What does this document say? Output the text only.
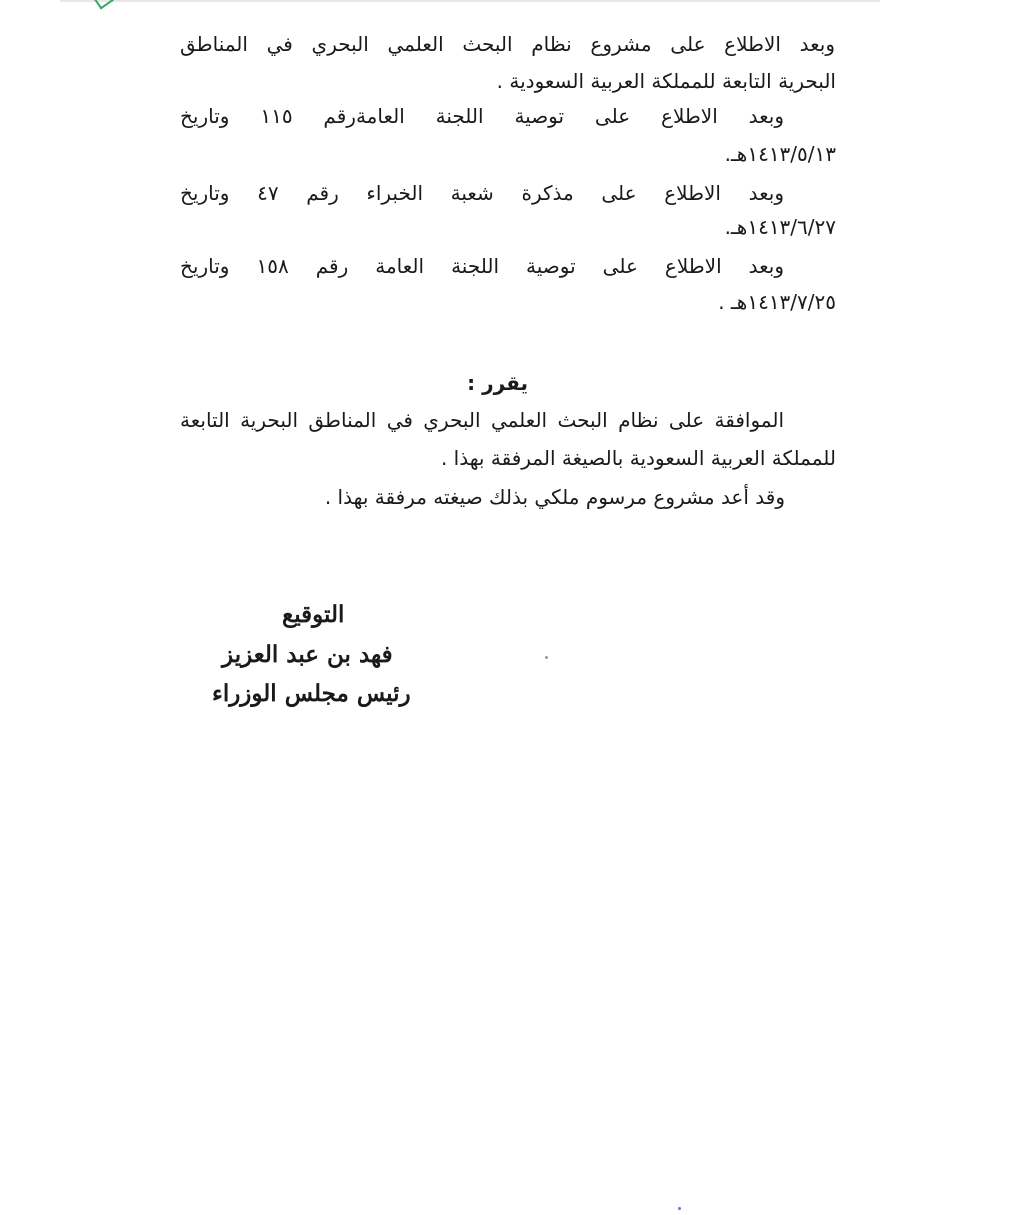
وبعد الاطلاع على مشروع نظام البحث العلمي البحري في المناطق
البحرية التابعة للمملكة العربية السعودية .
وبعد الاطلاع على توصية اللجنة العامةرقم ١١٥ وتاريخ
١٤١٣/٥/١٣هـ.
وبعد الاطلاع على مذكرة شعبة الخبراء رقم ٤٧ وتاريخ
١٤١٣/٦/٢٧هـ.
وبعد الاطلاع على توصية اللجنة العامة رقم ١٥٨ وتاريخ
١٤١٣/٧/٢٥هـ .
يقرر :
الموافقة على نظام البحث العلمي البحري في المناطق البحرية التابعة
للمملكة العربية السعودية بالصيغة المرفقة بهذا .
وقد أعد مشروع مرسوم ملكي بذلك صيغته مرفقة بهذا .
التوقيع
فهد بن عبد العزيز
رئيس مجلس الوزراء
